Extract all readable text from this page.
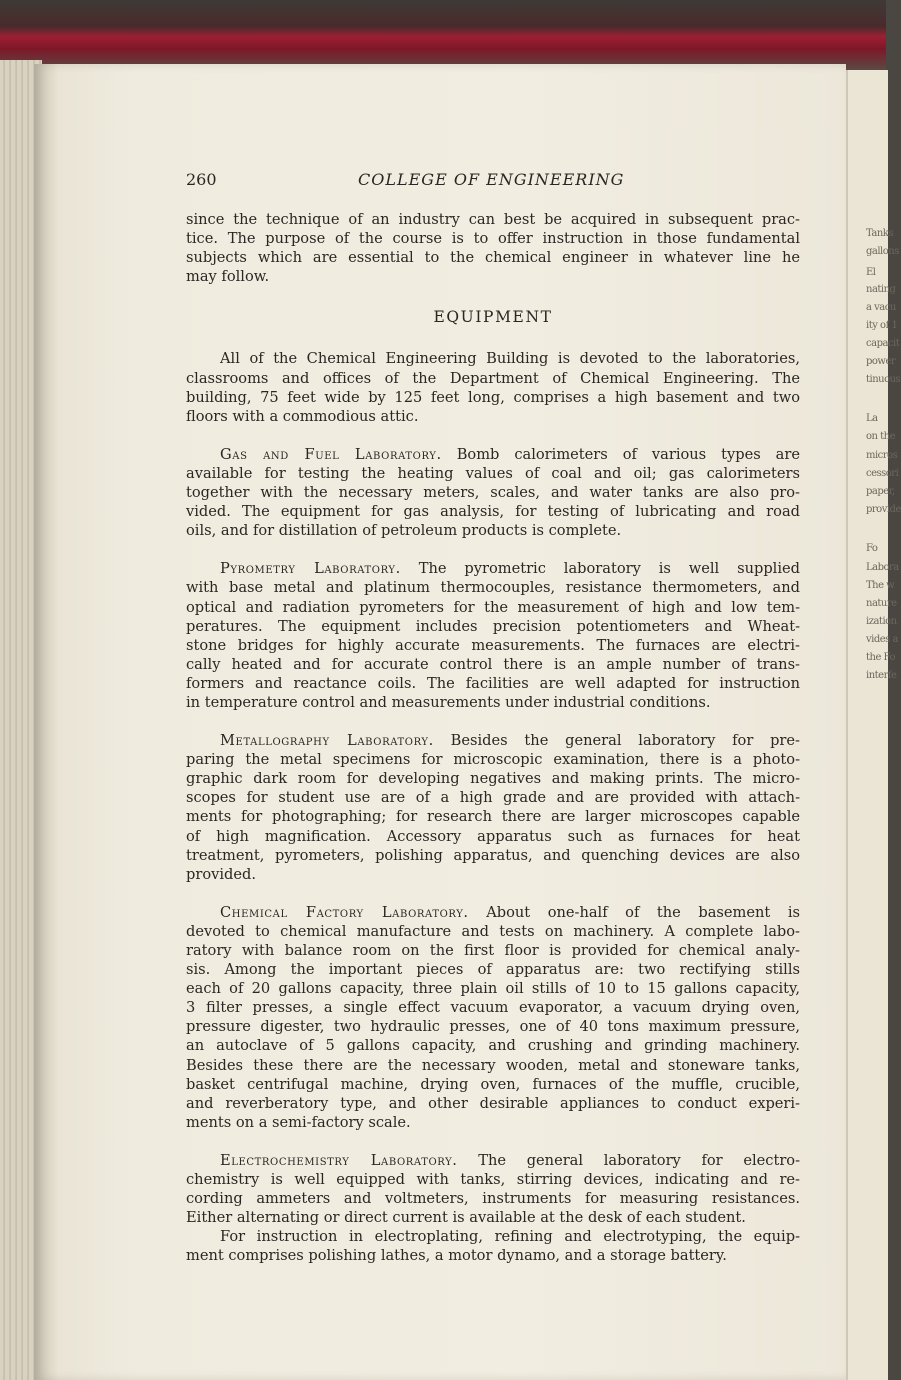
Tanks
gallons
El
nating
a vacu
ity of 1
capacit
power
tinuous
La
on the
micros
cessori
paper,
provide
Fo
Labora
The w
nature
ization
vides a
the Fo
interfe
260	COLLEGE OF ENGINEERING

since the technique of an industry can best be acquired in subsequent prac-

tice. The purpose of the course is to offer instruction in those fundamental

subjects which are essential to the chemical engineer in whatever line he

may follow.

EQUIPMENT

All of the Chemical Engineering Building is devoted to the laboratories,

classrooms and offices of the Department of Chemical Engineering. The

building, 75 feet wide by 125 feet long, comprises a high basement and two

floors with a commodious attic.

Gas and Fuel Laboratory. Bomb calorimeters of various types are

available for testing the heating values of coal and oil; gas calorimeters

together with the necessary meters, scales, and water tanks are also pro-

vided. The equipment for gas analysis, for testing of lubricating and road

oils, and for distillation of petroleum products is complete.

Pyrometry Laboratory. The pyrometric laboratory is well supplied

with base metal and platinum thermocouples, resistance thermometers, and

optical and radiation pyrometers for the measurement of high and low tem-

peratures. The equipment includes precision potentiometers and Wheat-

stone bridges for highly accurate measurements. The furnaces are electri-

cally heated and for accurate control there is an ample number of trans-

formers and reactance coils. The facilities are well adapted for instruction

in temperature control and measurements under industrial conditions.

Metallography Laboratory. Besides the general laboratory for pre-

paring the metal specimens for microscopic examination, there is a photo-

graphic dark room for developing negatives and making prints. The micro-

scopes for student use are of a high grade and are provided with attach-

ments for photographing; for research there are larger microscopes capable

of high magnification. Accessory apparatus such as furnaces for heat

treatment, pyrometers, polishing apparatus, and quenching devices are also

provided.

Chemical Factory Laboratory. About one-half of the basement is

devoted to chemical manufacture and tests on machinery. A complete labo-

ratory with balance room on the first floor is provided for chemical analy-

sis. Among the important pieces of apparatus are: two rectifying stills

each of 20 gallons capacity, three plain oil stills of 10 to 15 gallons capacity,

3 filter presses, a single effect vacuum evaporator, a vacuum drying oven,

pressure digester, two hydraulic presses, one of 40 tons maximum pressure,

an autoclave of 5 gallons capacity, and crushing and grinding machinery.

Besides these there are the necessary wooden, metal and stoneware tanks,

basket centrifugal machine, drying oven, furnaces of the muffle, crucible,

and reverberatory type, and other desirable appliances to conduct experi-

ments on a semi-factory scale.

Electrochemistry Laboratory. The general laboratory for electro-

chemistry is well equipped with tanks, stirring devices, indicating and re-

cording ammeters and voltmeters, instruments for measuring resistances.

Either alternating or direct current is available at the desk of each student.

For instruction in electroplating, refining and electrotyping, the equip-

ment comprises polishing lathes, a motor dynamo, and a storage battery.
